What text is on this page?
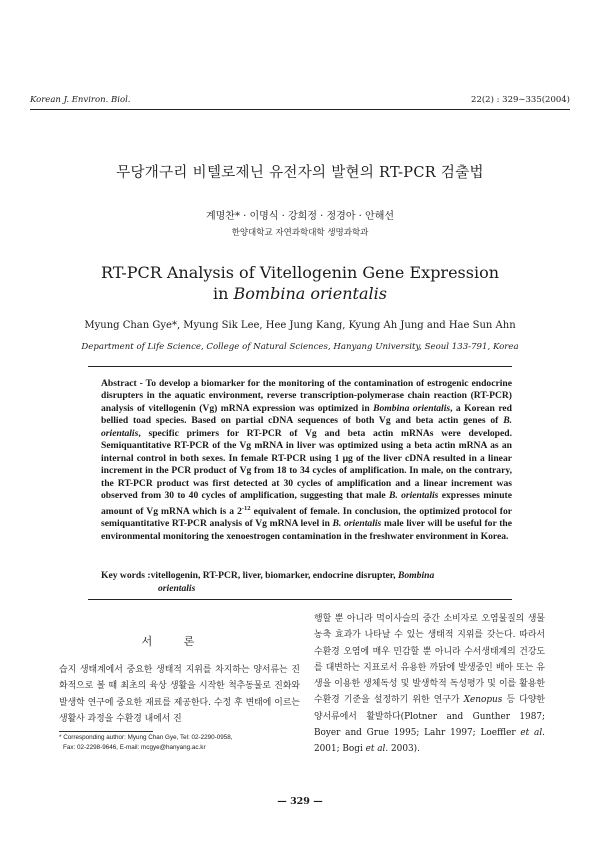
Korean J. Environ. Biol.	22(2) : 329∼335(2004)
무당개구리 비텔로제닌 유전자의 발현의 RT-PCR 검출법
계명찬* · 이명식 · 강희정 · 정경아 · 안해선
한양대학교 자연과학대학 생명과학과
RT-PCR Analysis of Vitellogenin Gene Expression
in Bombina orientalis
Myung Chan Gye*, Myung Sik Lee, Hee Jung Kang, Kyung Ah Jung and Hae Sun Ahn
Department of Life Science, College of Natural Sciences, Hanyang University, Seoul 133-791, Korea

Abstract - To develop a biomarker for the monitoring of the contamination of estrogenic endocrine disrupters in the aquatic environment, reverse transcription-polymerase chain reaction (RT-PCR) analysis of vitellogenin (Vg) mRNA expression was optimized in Bombina orientalis, a Korean red bellied toad species. Based on partial cDNA sequences of both Vg and beta actin genes of B. orientalis, specific primers for RT-PCR of Vg and beta actin mRNAs were developed. Semiquantitative RT-PCR of the Vg mRNA in liver was optimized using a beta actin mRNA as an internal control in both sexes. In female RT-PCR using 1 μg of the liver cDNA resulted in a linear increment in the PCR product of Vg from 18 to 34 cycles of amplification. In male, on the contrary, the RT-PCR product was first detected at 30 cycles of amplification and a linear increment was observed from 30 to 40 cycles of amplification, suggesting that male B. orientalis expresses minute amount of Vg mRNA which is a $2^{-12}$ equivalent of female. In conclusion, the optimized protocol for semiquantitative RT-PCR analysis of Vg mRNA level in B. orientalis male liver will be useful for the environmental monitoring the xenoestrogen contamination in the freshwater environment in Korea.

Key words :vitellogenin, RT-PCR, liver, biomarker, endocrine disrupter, Bombina
orientalis
서 론

습지 생태계에서 중요한 생태적 지위를 차지하는 양서류는 진화적으로 볼 때 최초의 육상 생활을 시작한 척추동물로 진화와 발생학 연구에 중요한 재료를 제공한다. 수정 후 변태에 이르는 생활사 과정을 수환경 내에서 진

행할 뿐 아니라 먹이사슬의 중간 소비자로 오염물질의 생물 농축 효과가 나타날 수 있는 생태적 지위를 갖는다. 따라서 수환경 오염에 매우 민감할 뿐 아니라 수서생태계의 건강도를 대변하는 지표로서 유용한 까닭에 발생중인 배아 또는 유생을 이용한 생체독성 및 발생학적 독성평가 및 이를 활용한 수환경 기준을 설정하기 위한 연구가 Xenopus 등 다양한 양서류에서 활발하다(Plotner and Gunther 1987; Boyer and Grue 1995; Lahr 1997; Loeffler et al. 2001; Bogi et al. 2003).

* Corresponding author: Myung Chan Gye, Tel: 02-2290-0958,
Fax: 02-2298-9646, E-mail: mcgye@hanyang.ac.kr
— 329 —
